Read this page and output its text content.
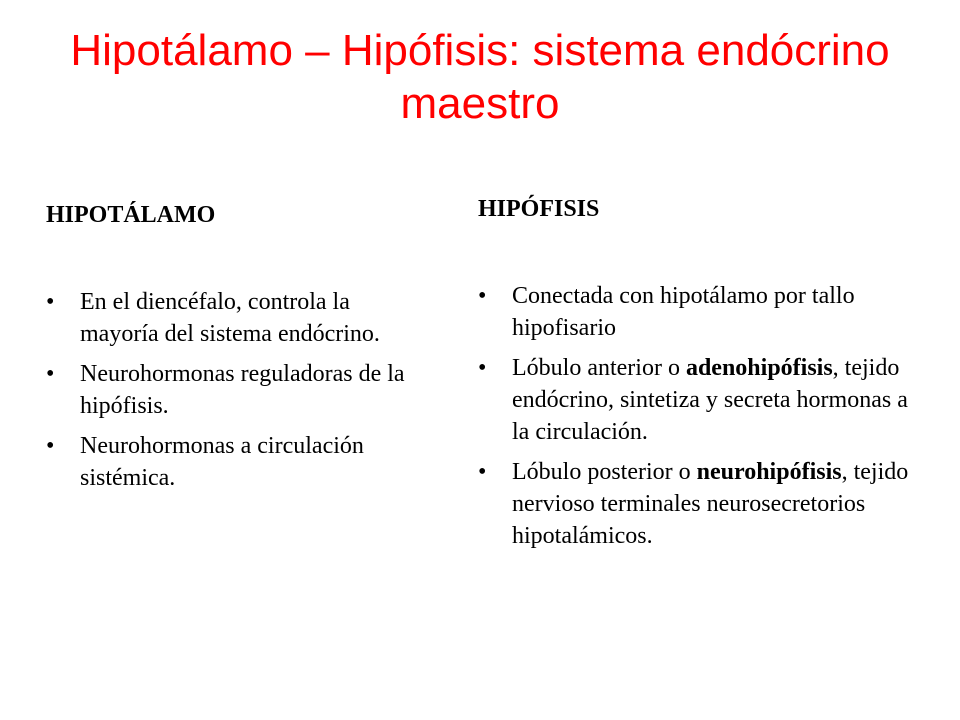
Hipotálamo – Hipófisis: sistema endócrino maestro

HIPOTÁLAMO

• En el diencéfalo, controla la mayoría del sistema endócrino.
• Neurohormonas reguladoras de la hipófisis.
• Neurohormonas a circulación sistémica.

HIPÓFISIS

• Conectada con hipotálamo por tallo hipofisario
• Lóbulo anterior o adenohipófisis, tejido endócrino, sintetiza y secreta hormonas a la circulación.
• Lóbulo posterior o neurohipófisis, tejido nervioso terminales neurosecretorios hipotalámicos.
